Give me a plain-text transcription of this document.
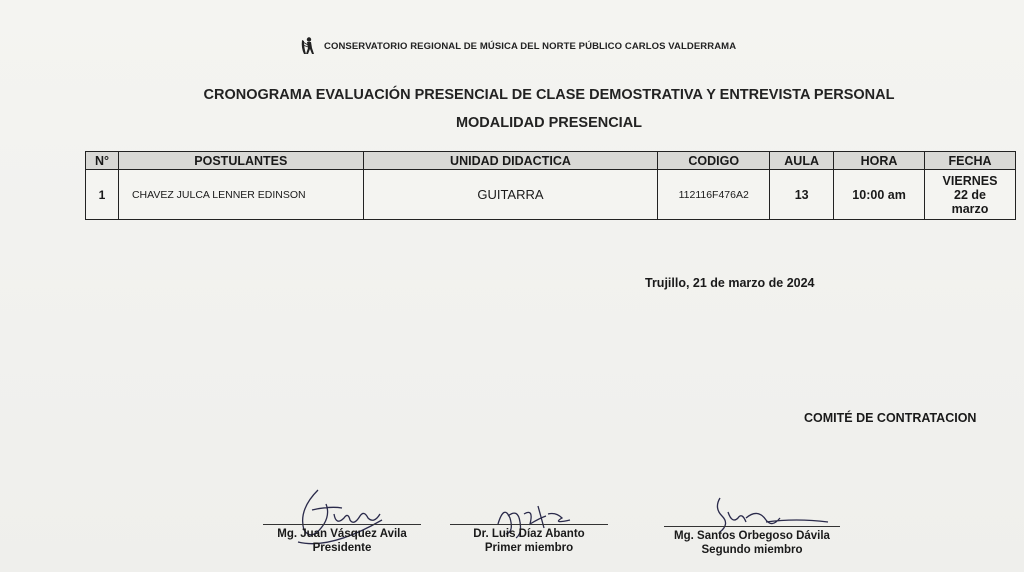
CONSERVATORIO REGIONAL DE MÚSICA DEL NORTE PÚBLICO CARLOS VALDERRAMA
CRONOGRAMA EVALUACIÓN PRESENCIAL DE CLASE DEMOSTRATIVA Y ENTREVISTA PERSONAL
MODALIDAD PRESENCIAL
N°	POSTULANTES	UNIDAD DIDACTICA	CODIGO	AULA	HORA	FECHA
1	CHAVEZ JULCA LENNER EDINSON	GUITARRA	112116F476A2	13	10:00 am	VIERNES
22 de
marzo
Trujillo, 21 de marzo de 2024
COMITÉ DE CONTRATACION
Mg. Juan Vásquez Avila
Presidente
Dr. Luis Díaz Abanto
Primer miembro
Mg. Santos Orbegoso Dávila
Segundo miembro
